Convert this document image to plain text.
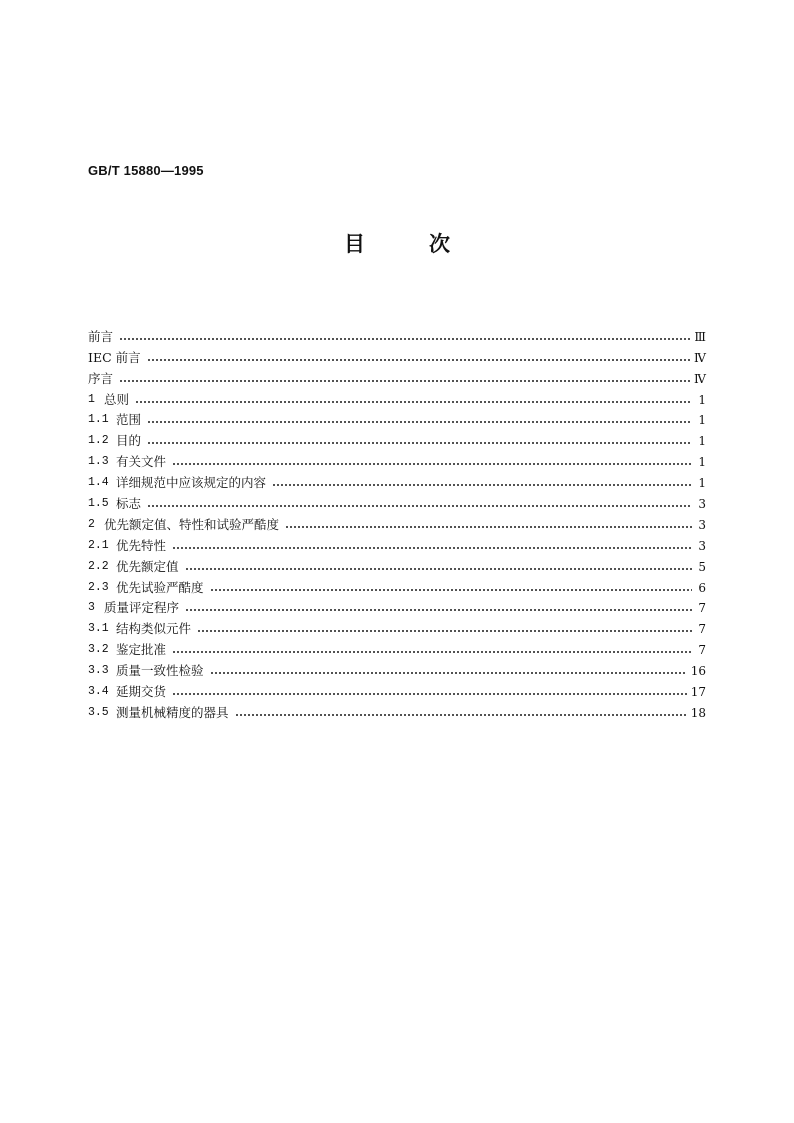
GB/T 15880—1995
目	次
前言	Ⅲ
IEC 前言	Ⅳ
序言	Ⅳ
1 总则	1
1.1 范围	1
1.2 目的	1
1.3 有关文件	1
1.4 详细规范中应该规定的内容	1
1.5 标志	3
2 优先额定值、特性和试验严酷度	3
2.1 优先特性	3
2.2 优先额定值	5
2.3 优先试验严酷度	6
3 质量评定程序	7
3.1 结构类似元件	7
3.2 鉴定批准	7
3.3 质量一致性检验	16
3.4 延期交货	17
3.5 测量机械精度的器具	18
